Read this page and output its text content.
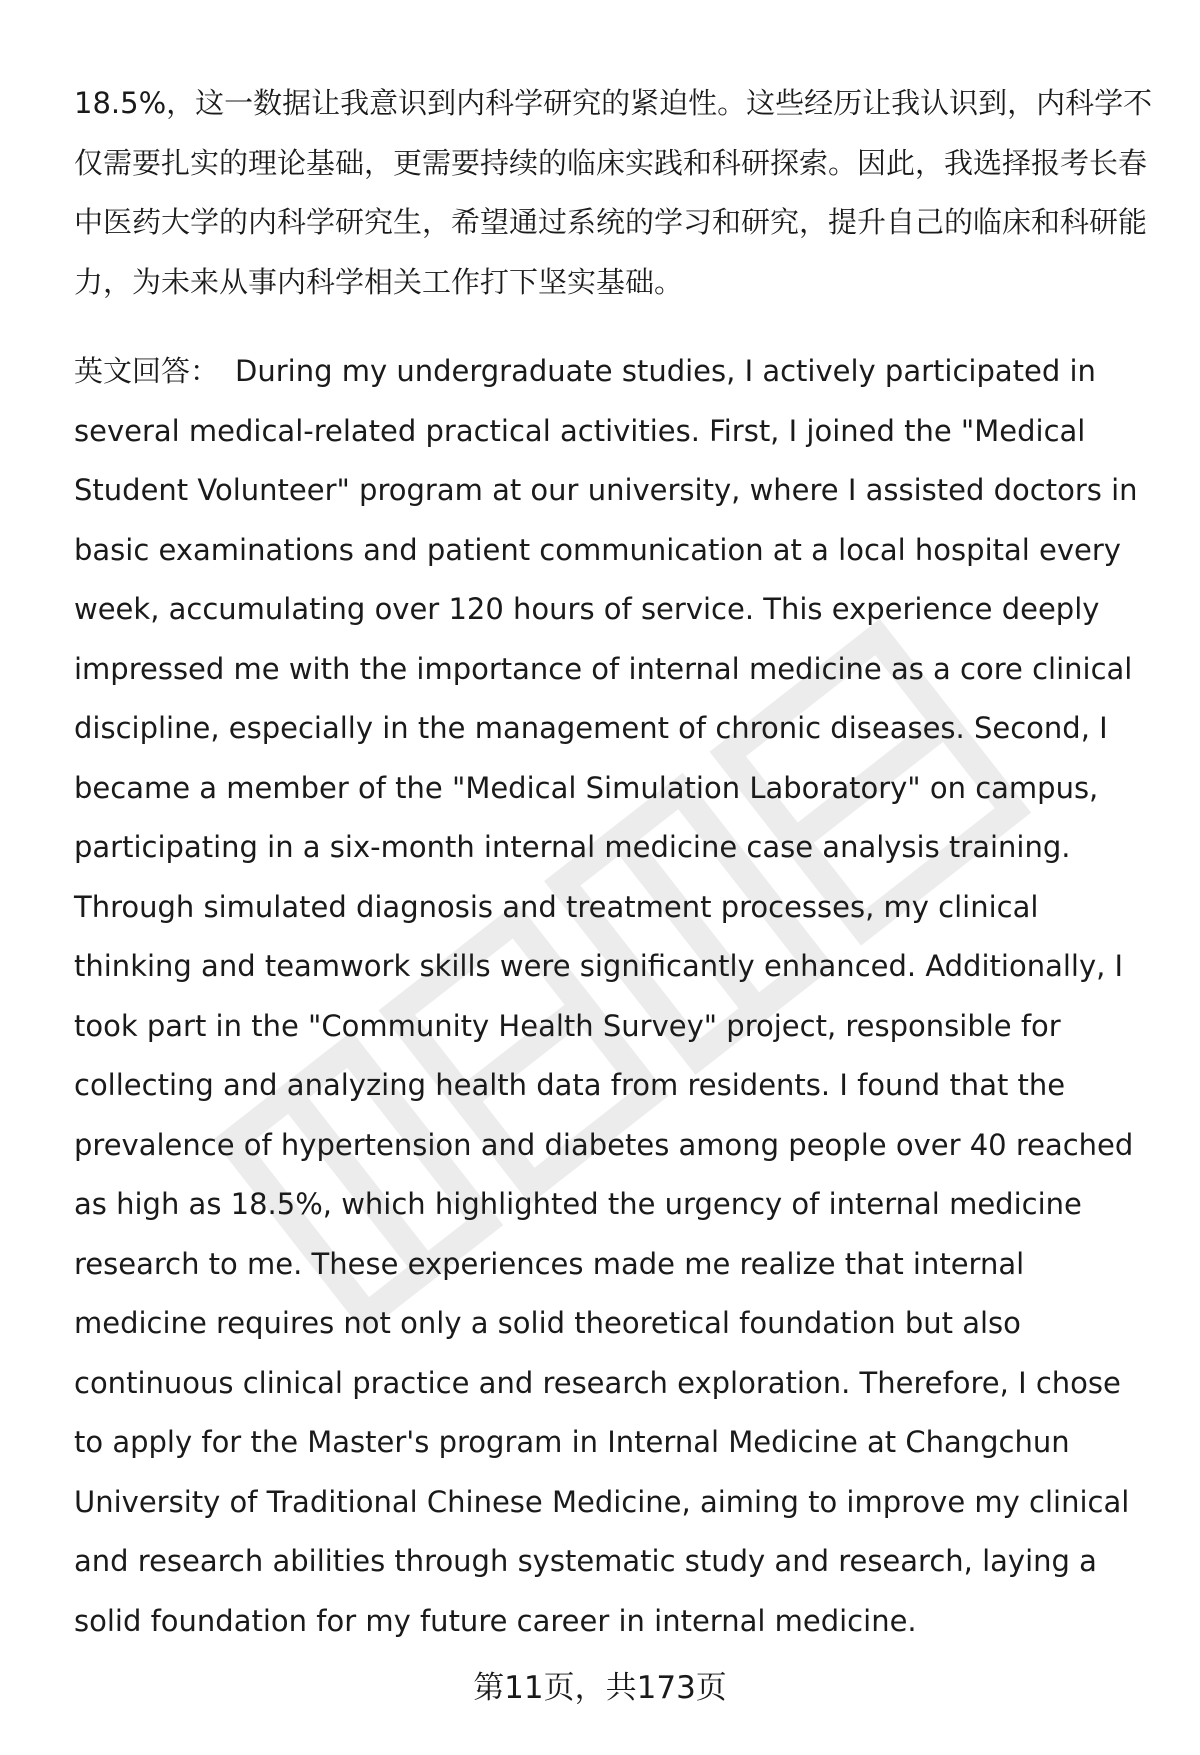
18.5%，这一数据让我意识到内科学研究的紧迫性。这些经历让我认识到，内科学不仅需要扎实的理论基础，更需要持续的临床实践和科研探索。因此，我选择报考长春中医药大学的内科学研究生，希望通过系统的学习和研究，提升自己的临床和科研能力，为未来从事内科学相关工作打下坚实基础。

英文回答： During my undergraduate studies, I actively participated in several medical-related practical activities. First, I joined the "Medical Student Volunteer" program at our university, where I assisted doctors in basic examinations and patient communication at a local hospital every week, accumulating over 120 hours of service. This experience deeply impressed me with the importance of internal medicine as a core clinical discipline, especially in the management of chronic diseases. Second, I became a member of the "Medical Simulation Laboratory" on campus, participating in a six-month internal medicine case analysis training. Through simulated diagnosis and treatment processes, my clinical thinking and teamwork skills were significantly enhanced. Additionally, I took part in the "Community Health Survey" project, responsible for collecting and analyzing health data from residents. I found that the prevalence of hypertension and diabetes among people over 40 reached as high as 18.5%, which highlighted the urgency of internal medicine research to me. These experiences made me realize that internal medicine requires not only a solid theoretical foundation but also continuous clinical practice and research exploration. Therefore, I chose to apply for the Master's program in Internal Medicine at Changchun University of Traditional Chinese Medicine, aiming to improve my clinical and research abilities through systematic study and research, laying a solid foundation for my future career in internal medicine.

第11页，共173页
